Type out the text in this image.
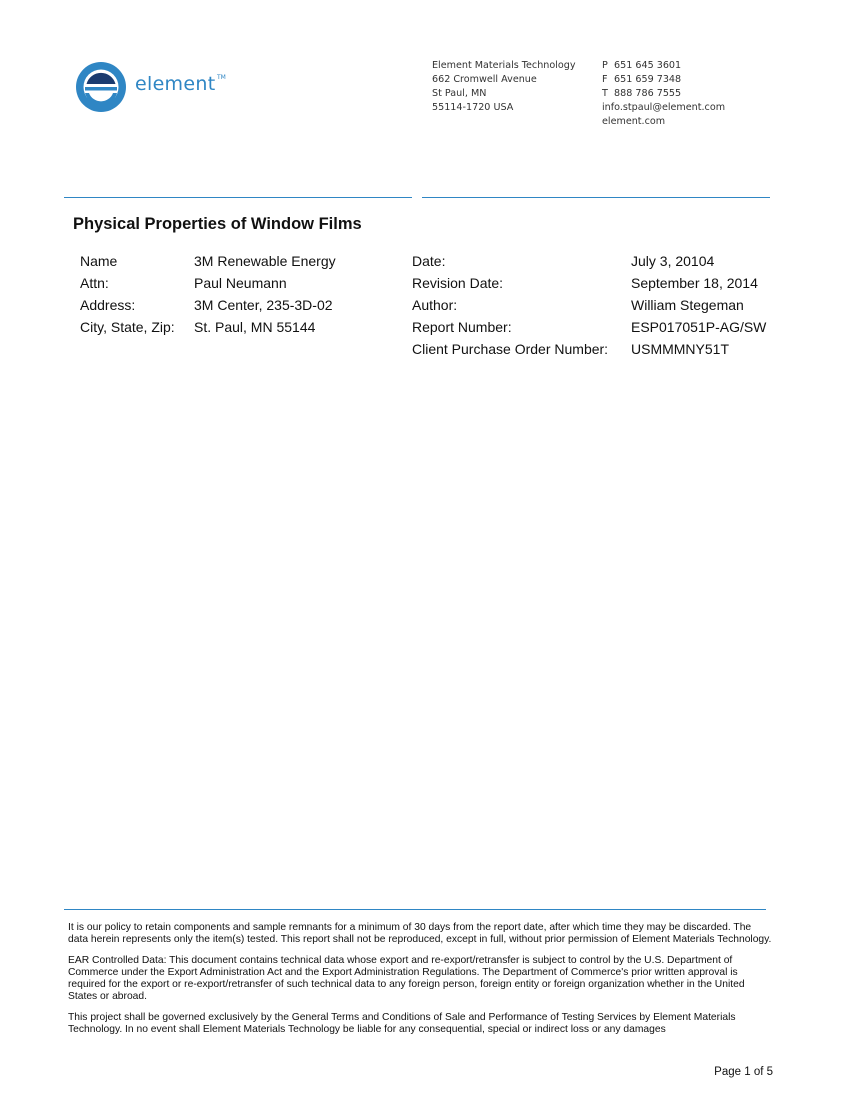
element TM
Element Materials Technology
662 Cromwell Avenue
St Paul, MN
55114-1720 USA
P 651 645 3601
F 651 659 7348
T 888 786 7555
info.stpaul@element.com
element.com
Physical Properties of Window Films
Name	3M Renewable Energy
Attn:	Paul Neumann
Address:	3M Center, 235-3D-02
City, State, Zip: St. Paul, MN 55144
Date:	July 3, 20104
Revision Date:	September 18, 2014
Author:	William Stegeman
Report Number:	ESP017051P-AG/SW
Client Purchase Order Number: USMMMNY51T

It is our policy to retain components and sample remnants for a minimum of 30 days from the report date, after which time they may be discarded. The data herein represents only the item(s) tested. This report shall not be reproduced, except in full, without prior permission of Element Materials Technology.

EAR Controlled Data: This document contains technical data whose export and re-export/retransfer is subject to control by the U.S. Department of Commerce under the Export Administration Act and the Export Administration Regulations. The Department of Commerce's prior written approval is required for the export or re-export/retransfer of such technical data to any foreign person, foreign entity or foreign organization whether in the United States or abroad.

This project shall be governed exclusively by the General Terms and Conditions of Sale and Performance of Testing Services by Element Materials Technology. In no event shall Element Materials Technology be liable for any consequential, special or indirect loss or any damages

Page 1 of 5
